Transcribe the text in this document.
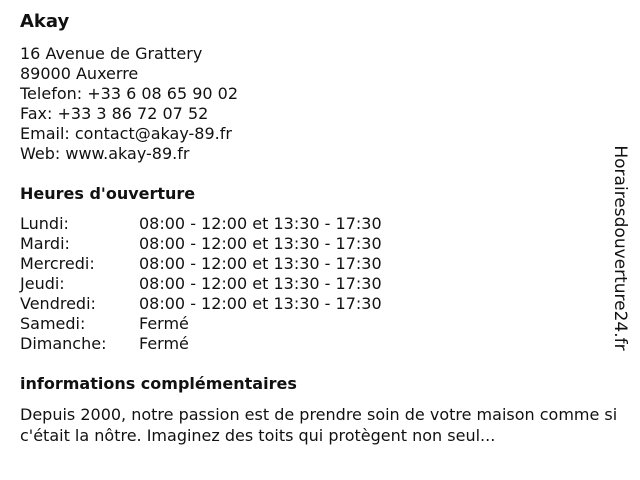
Akay
16 Avenue de Grattery
89000 Auxerre
Telefon: +33 6 08 65 90 02
Fax: +33 3 86 72 07 52
Email: contact@akay-89.fr
Web: www.akay-89.fr
Heures d'ouverture
Lundi:	08:00 - 12:00 et 13:30 - 17:30
Mardi:	08:00 - 12:00 et 13:30 - 17:30
Mercredi:	08:00 - 12:00 et 13:30 - 17:30
Jeudi:	08:00 - 12:00 et 13:30 - 17:30
Vendredi:	08:00 - 12:00 et 13:30 - 17:30
Samedi:	Fermé
Dimanche:	Fermé
informations complémentaires
Depuis 2000, notre passion est de prendre soin de votre maison comme si c'était la nôtre. Imaginez des toits qui protègent non seul...
Horairesdouverture24.fr
